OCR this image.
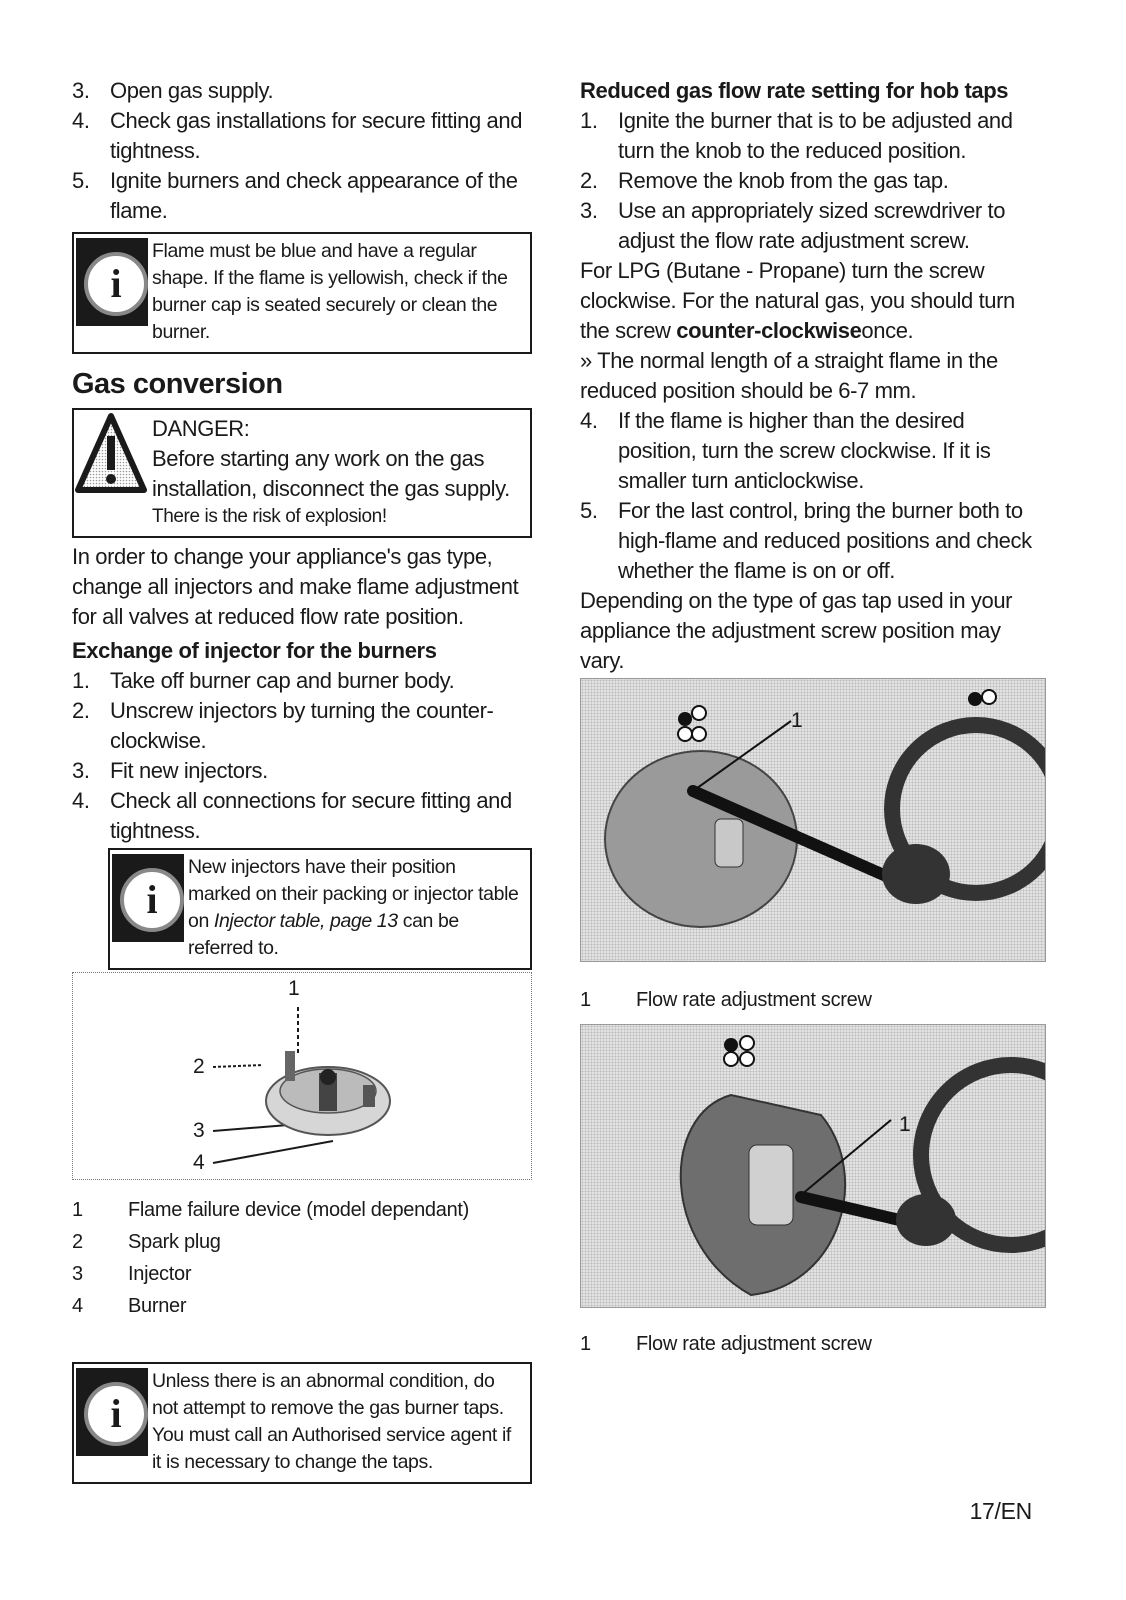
3. Open gas supply.
4. Check gas installations for secure fitting and tightness.
5. Ignite burners and check appearance of the flame.
i
Flame must be blue and have a regular shape. If the flame is yellowish, check if the burner cap is seated securely or clean the burner.
Gas conversion
DANGER:
Before starting any work on the gas installation, disconnect the gas supply.
There is the risk of explosion!
In order to change your appliance's gas type, change all injectors and make flame adjustment for all valves at reduced flow rate position.
Exchange of injector for the burners
1. Take off burner cap and burner body.
2. Unscrew injectors by turning the counter-clockwise.
3. Fit new injectors.
4. Check all connections for secure fitting and tightness.
i
New injectors have their position marked on their packing or injector table on Injector table, page 13 can be referred to.
1
2
3
4
1	Flame failure device (model dependant)
2	Spark plug
3	Injector
4	Burner
i
Unless there is an abnormal condition, do not attempt to remove the gas burner taps. You must call an Authorised service agent if it is necessary to change the taps.
Reduced gas flow rate setting for hob taps
1. Ignite the burner that is to be adjusted and turn the knob to the reduced position.
2. Remove the knob from the gas tap.
3. Use an appropriately sized screwdriver to adjust the flow rate adjustment screw.
For LPG (Butane - Propane) turn the screw clockwise. For the natural gas, you should turn the screw counter-clockwiseonce.
» The normal length of a straight flame in the reduced position should be 6-7 mm.
4. If the flame is higher than the desired position, turn the screw clockwise. If it is smaller turn anticlockwise.
5. For the last control, bring the burner both to high-flame and reduced positions and check whether the flame is on or off.
Depending on the type of gas tap used in your appliance the adjustment screw position may vary.
1
1	Flow rate adjustment screw
1
1	Flow rate adjustment screw
17/EN
